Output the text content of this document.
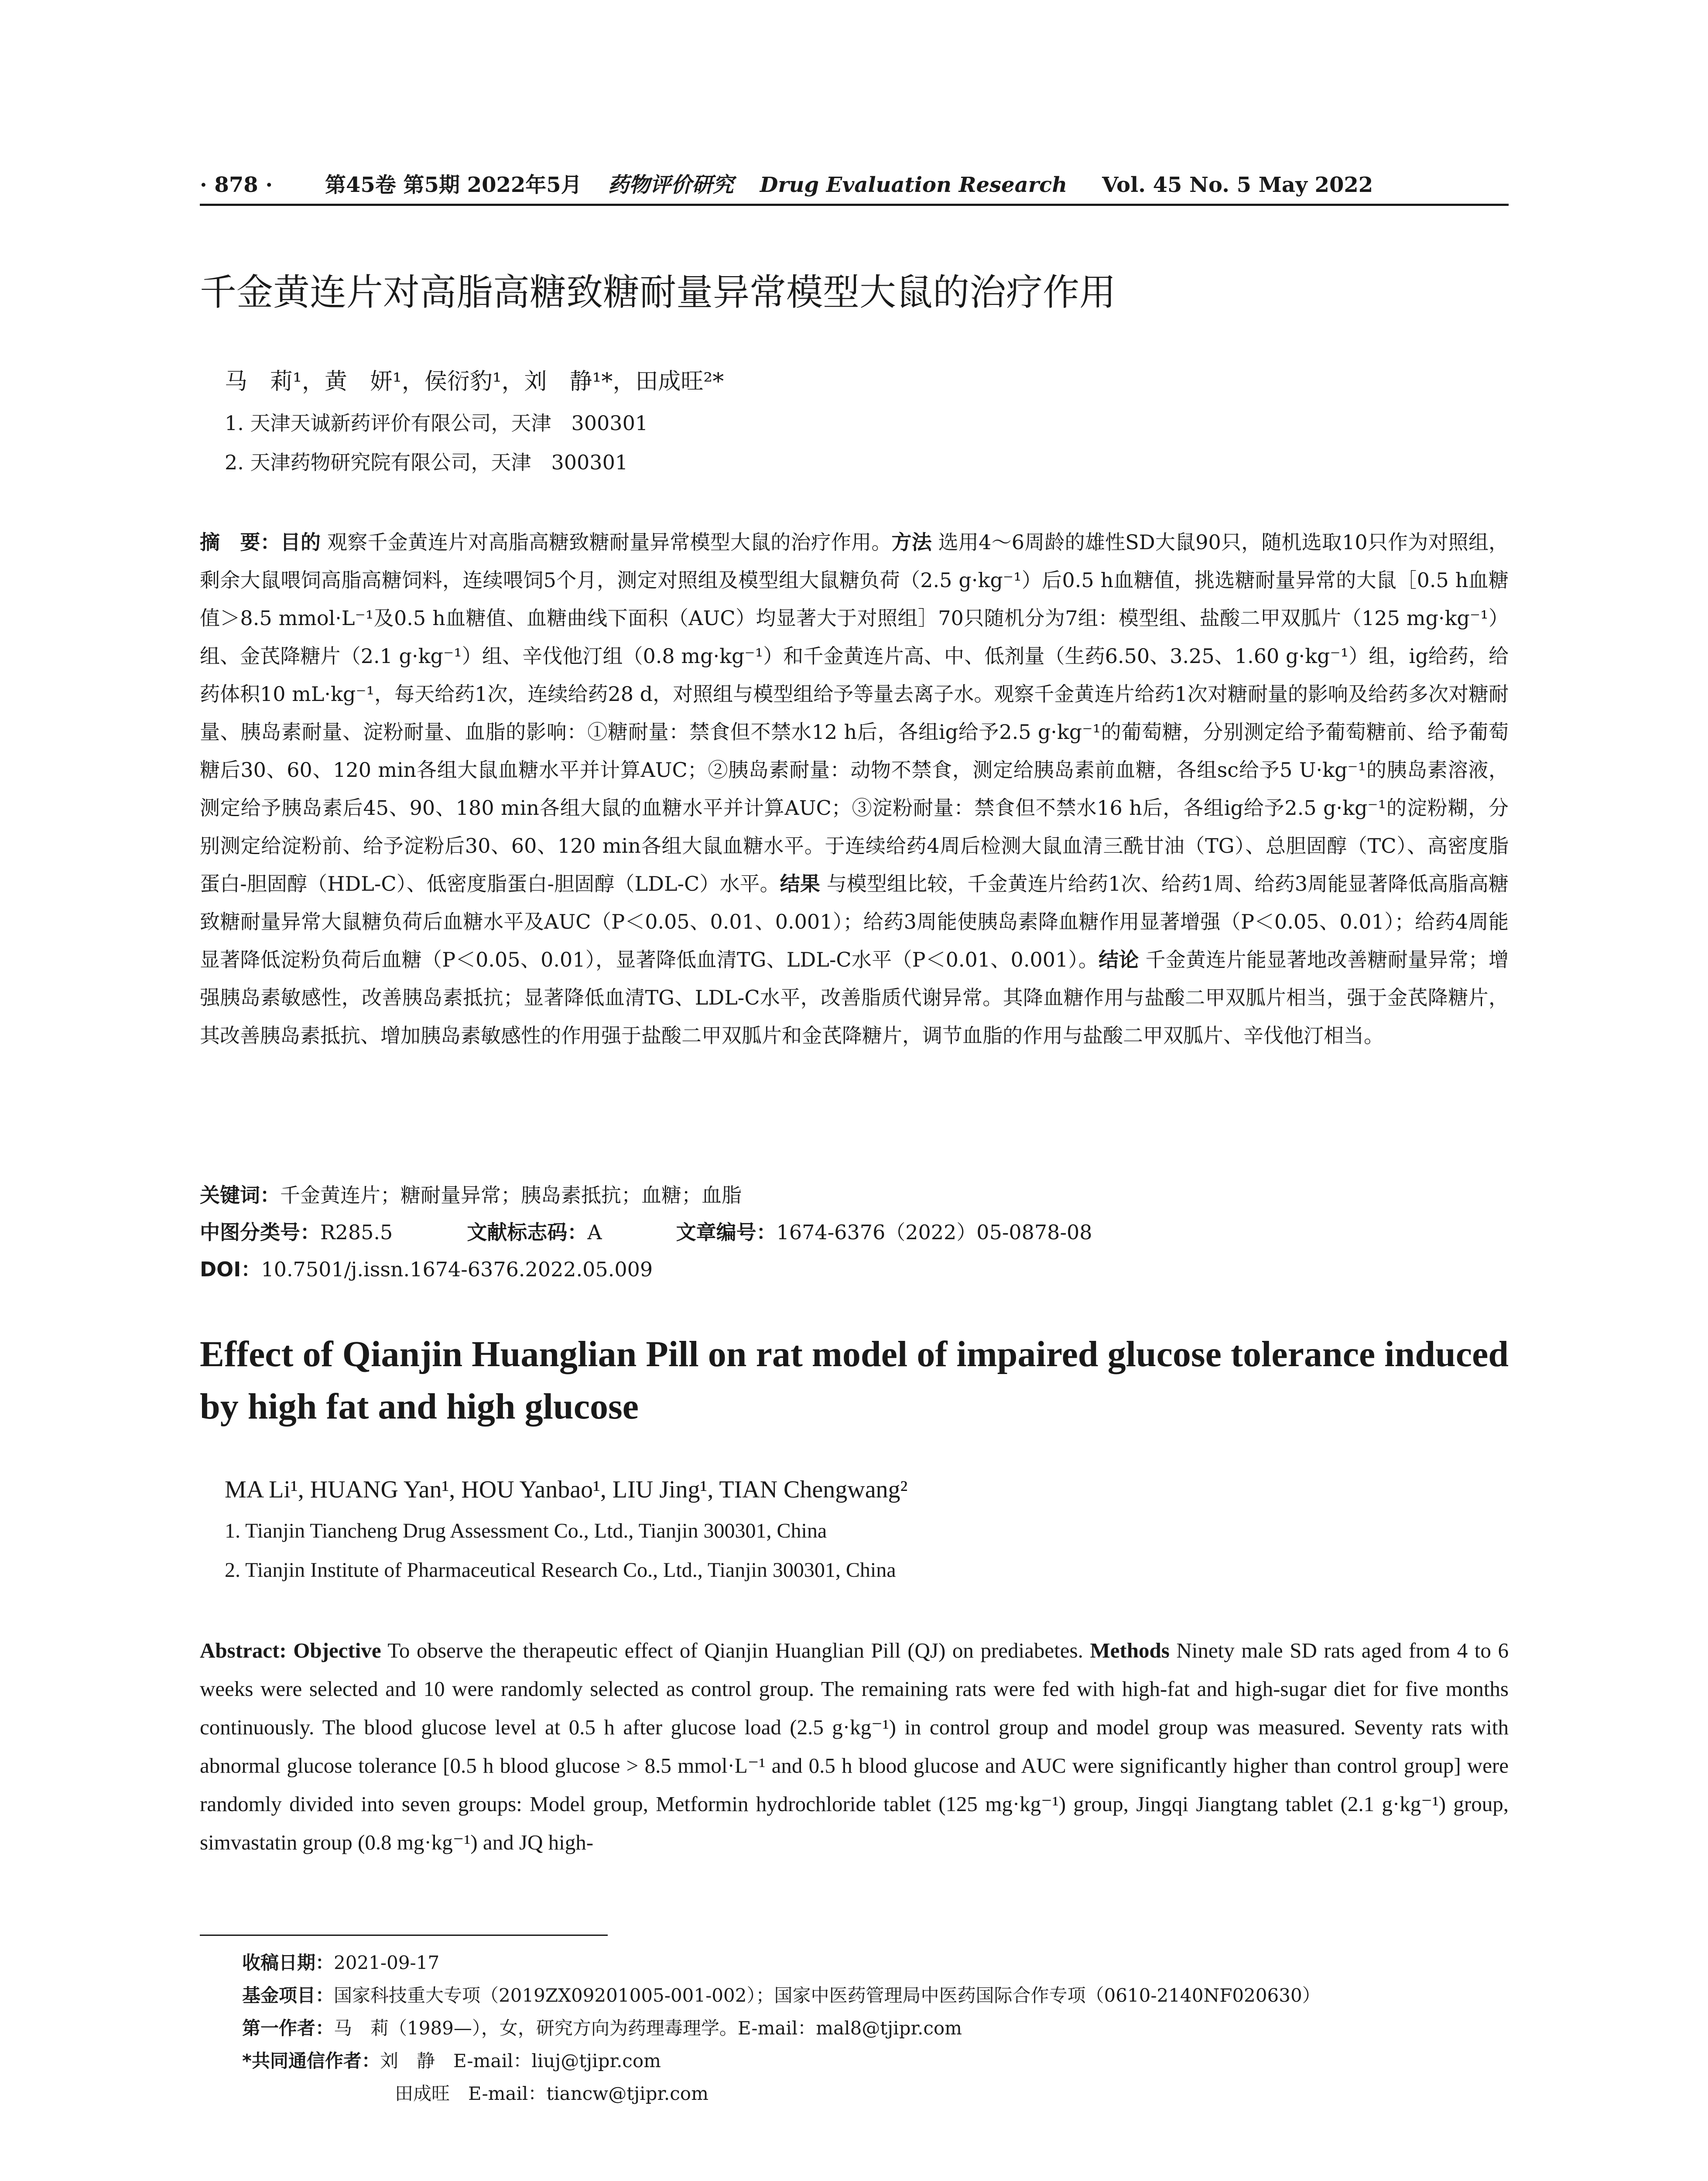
· 878 ·	第45卷 第5期 2022年5月 药物评价研究 Drug Evaluation Research Vol. 45 No. 5 May 2022
千金黄连片对高脂高糖致糖耐量异常模型大鼠的治疗作用
马　莉¹，黄　妍¹，侯衍豹¹，刘　静¹*，田成旺²*
1. 天津天诚新药评价有限公司，天津　300301
2. 天津药物研究院有限公司，天津　300301
摘　要：目的 观察千金黄连片对高脂高糖致糖耐量异常模型大鼠的治疗作用。方法 选用4～6周龄的雄性SD大鼠90只，随机选取10只作为对照组，剩余大鼠喂饲高脂高糖饲料，连续喂饲5个月，测定对照组及模型组大鼠糖负荷（2.5 g·kg⁻¹）后0.5 h血糖值，挑选糖耐量异常的大鼠［0.5 h血糖值＞8.5 mmol·L⁻¹及0.5 h血糖值、血糖曲线下面积（AUC）均显著大于对照组］70只随机分为7组：模型组、盐酸二甲双胍片（125 mg·kg⁻¹）组、金芪降糖片（2.1 g·kg⁻¹）组、辛伐他汀组（0.8 mg·kg⁻¹）和千金黄连片高、中、低剂量（生药6.50、3.25、1.60 g·kg⁻¹）组，ig给药，给药体积10 mL·kg⁻¹，每天给药1次，连续给药28 d，对照组与模型组给予等量去离子水。观察千金黄连片给药1次对糖耐量的影响及给药多次对糖耐量、胰岛素耐量、淀粉耐量、血脂的影响：①糖耐量：禁食但不禁水12 h后，各组ig给予2.5 g·kg⁻¹的葡萄糖，分别测定给予葡萄糖前、给予葡萄糖后30、60、120 min各组大鼠血糖水平并计算AUC；②胰岛素耐量：动物不禁食，测定给胰岛素前血糖，各组sc给予5 U·kg⁻¹的胰岛素溶液，测定给予胰岛素后45、90、180 min各组大鼠的血糖水平并计算AUC；③淀粉耐量：禁食但不禁水16 h后，各组ig给予2.5 g·kg⁻¹的淀粉糊，分别测定给淀粉前、给予淀粉后30、60、120 min各组大鼠血糖水平。于连续给药4周后检测大鼠血清三酰甘油（TG）、总胆固醇（TC）、高密度脂蛋白-胆固醇（HDL-C）、低密度脂蛋白-胆固醇（LDL-C）水平。结果 与模型组比较，千金黄连片给药1次、给药1周、给药3周能显著降低高脂高糖致糖耐量异常大鼠糖负荷后血糖水平及AUC（P＜0.05、0.01、0.001）；给药3周能使胰岛素降血糖作用显著增强（P＜0.05、0.01）；给药4周能显著降低淀粉负荷后血糖（P＜0.05、0.01），显著降低血清TG、LDL-C水平（P＜0.01、0.001）。结论 千金黄连片能显著地改善糖耐量异常；增强胰岛素敏感性，改善胰岛素抵抗；显著降低血清TG、LDL-C水平，改善脂质代谢异常。其降血糖作用与盐酸二甲双胍片相当，强于金芪降糖片，其改善胰岛素抵抗、增加胰岛素敏感性的作用强于盐酸二甲双胍片和金芪降糖片，调节血脂的作用与盐酸二甲双胍片、辛伐他汀相当。
关键词：千金黄连片；糖耐量异常；胰岛素抵抗；血糖；血脂
中图分类号：R285.5	文献标志码：A	文章编号：1674-6376（2022）05-0878-08
DOI：10.7501/j.issn.1674-6376.2022.05.009
Effect of Qianjin Huanglian Pill on rat model of impaired glucose tolerance induced by high fat and high glucose
MA Li¹, HUANG Yan¹, HOU Yanbao¹, LIU Jing¹, TIAN Chengwang²
1. Tianjin Tiancheng Drug Assessment Co., Ltd., Tianjin 300301, China
2. Tianjin Institute of Pharmaceutical Research Co., Ltd., Tianjin 300301, China
Abstract: Objective To observe the therapeutic effect of Qianjin Huanglian Pill (QJ) on prediabetes. Methods Ninety male SD rats aged from 4 to 6 weeks were selected and 10 were randomly selected as control group. The remaining rats were fed with high-fat and high-sugar diet for five months continuously. The blood glucose level at 0.5 h after glucose load (2.5 g·kg⁻¹) in control group and model group was measured. Seventy rats with abnormal glucose tolerance [0.5 h blood glucose > 8.5 mmol·L⁻¹ and 0.5 h blood glucose and AUC were significantly higher than control group] were randomly divided into seven groups: Model group, Metformin hydrochloride tablet (125 mg·kg⁻¹) group, Jingqi Jiangtang tablet (2.1 g·kg⁻¹) group, simvastatin group (0.8 mg·kg⁻¹) and JQ high-
收稿日期：2021-09-17
基金项目：国家科技重大专项（2019ZX09201005-001-002）；国家中医药管理局中医药国际合作专项（0610-2140NF020630）
第一作者：马　莉（1989—），女，研究方向为药理毒理学。E-mail：mal8@tjipr.com
*共同通信作者：刘　静　E-mail：liuj@tjipr.com
田成旺　E-mail：tiancw@tjipr.com
